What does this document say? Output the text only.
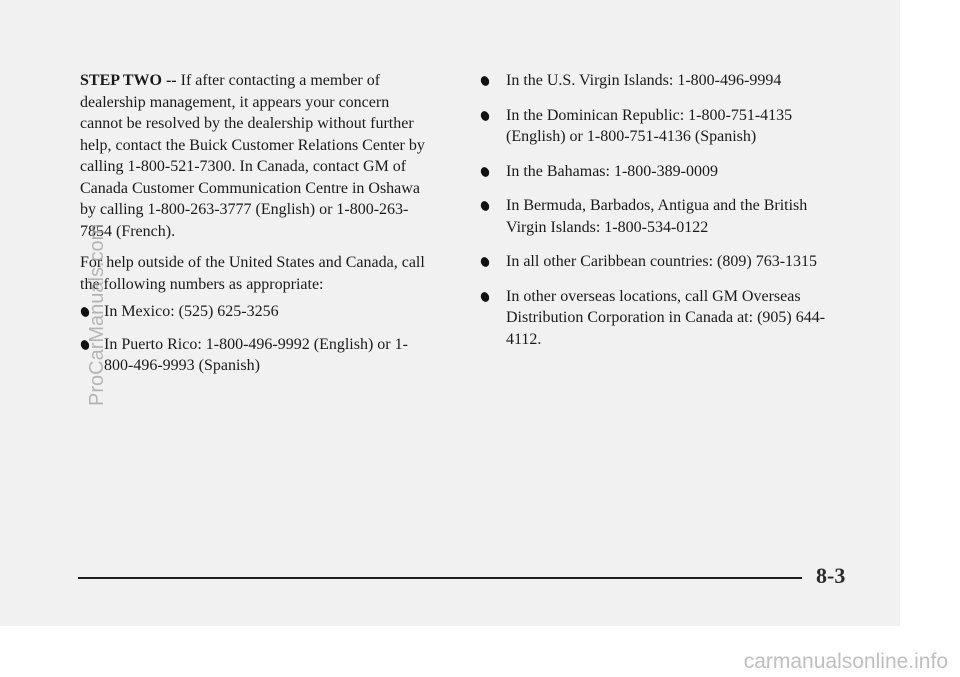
STEP TWO -- If after contacting a member of dealership management, it appears your concern cannot be resolved by the dealership without further help, contact the Buick Customer Relations Center by calling 1-800-521-7300. In Canada, contact GM of Canada Customer Communication Centre in Oshawa by calling 1-800-263-3777 (English) or 1-800-263-7854 (French).

For help outside of the United States and Canada, call the following numbers as appropriate:

In Mexico: (525) 625-3256
In Puerto Rico: 1-800-496-9992 (English) or 1-800-496-9993 (Spanish)
In the U.S. Virgin Islands: 1-800-496-9994
In the Dominican Republic: 1-800-751-4135 (English) or 1-800-751-4136 (Spanish)
In the Bahamas: 1-800-389-0009
In Bermuda, Barbados, Antigua and the British Virgin Islands: 1-800-534-0122
In all other Caribbean countries: (809) 763-1315
In other overseas locations, call GM Overseas Distribution Corporation in Canada at: (905) 644-4112.
8-3
ProCarManuals.com
carmanualsonline.info
